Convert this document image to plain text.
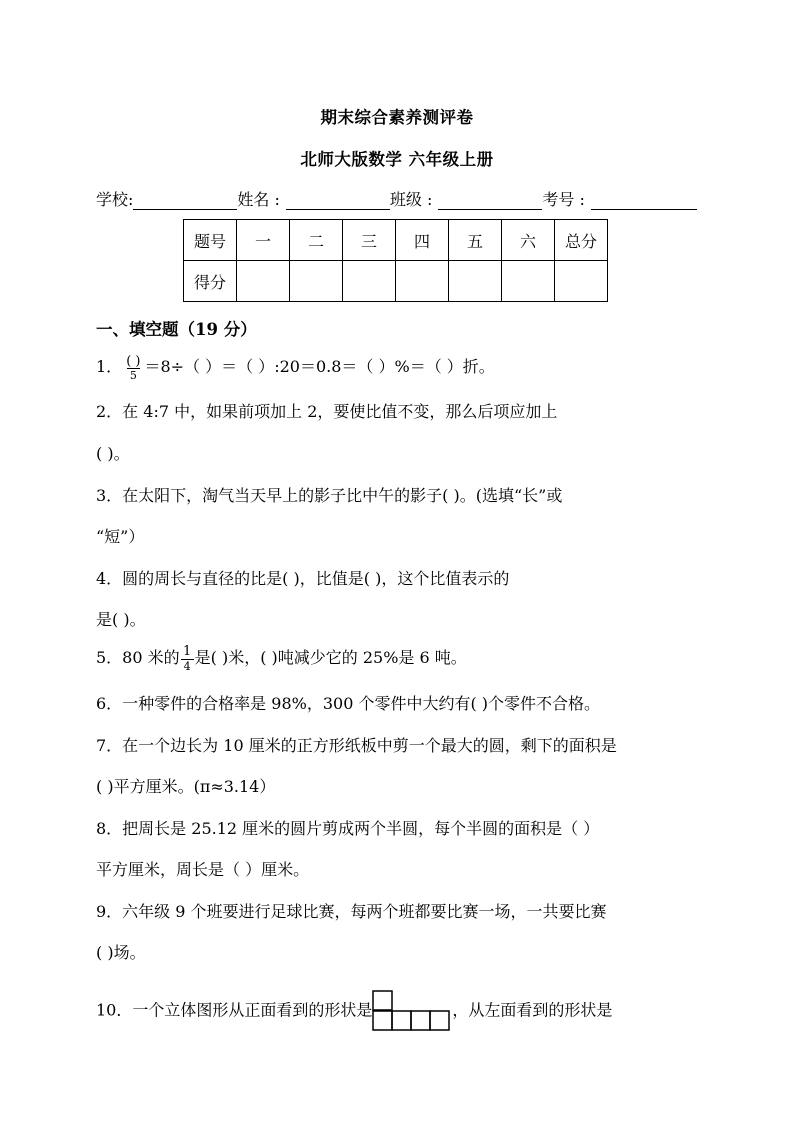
期末综合素养测评卷
北师大版数学 六年级上册
学校:	姓名 :	班级 :	考号 :
题号	一	二	三	四	五	六	总分
得分							
一、填空题（19 分）
1． $\frac{( )}{5} =8\div$（ ）＝（ ）:20＝0.8＝（ ）%＝（ ）折。
2．在 4:7 中，如果前项加上 2，要使比值不变，那么后项应加上
( )。
3．在太阳下，淘气当天早上的影子比中午的影子( )。(选填“长”或
“短”）
4．圆的周长与直径的比是( )，比值是( )，这个比值表示的
是( )。
5．80 米的 $\frac{1}{4}$ 是( )米，( )吨减少它的 25%是 6 吨。
6．一种零件的合格率是 98%，300 个零件中大约有( )个零件不合格。
7．在一个边长为 10 厘米的正方形纸板中剪一个最大的圆，剩下的面积是
( )平方厘米。(π≈3.14）
8．把周长是 25.12 厘米的圆片剪成两个半圆，每个半圆的面积是（ ）
平方厘米，周长是（ ）厘米。
9．六年级 9 个班要进行足球比赛，每两个班都要比赛一场，一共要比赛
( )场。
10．一个立体图形从正面看到的形状是	，从左面看到的形状是
